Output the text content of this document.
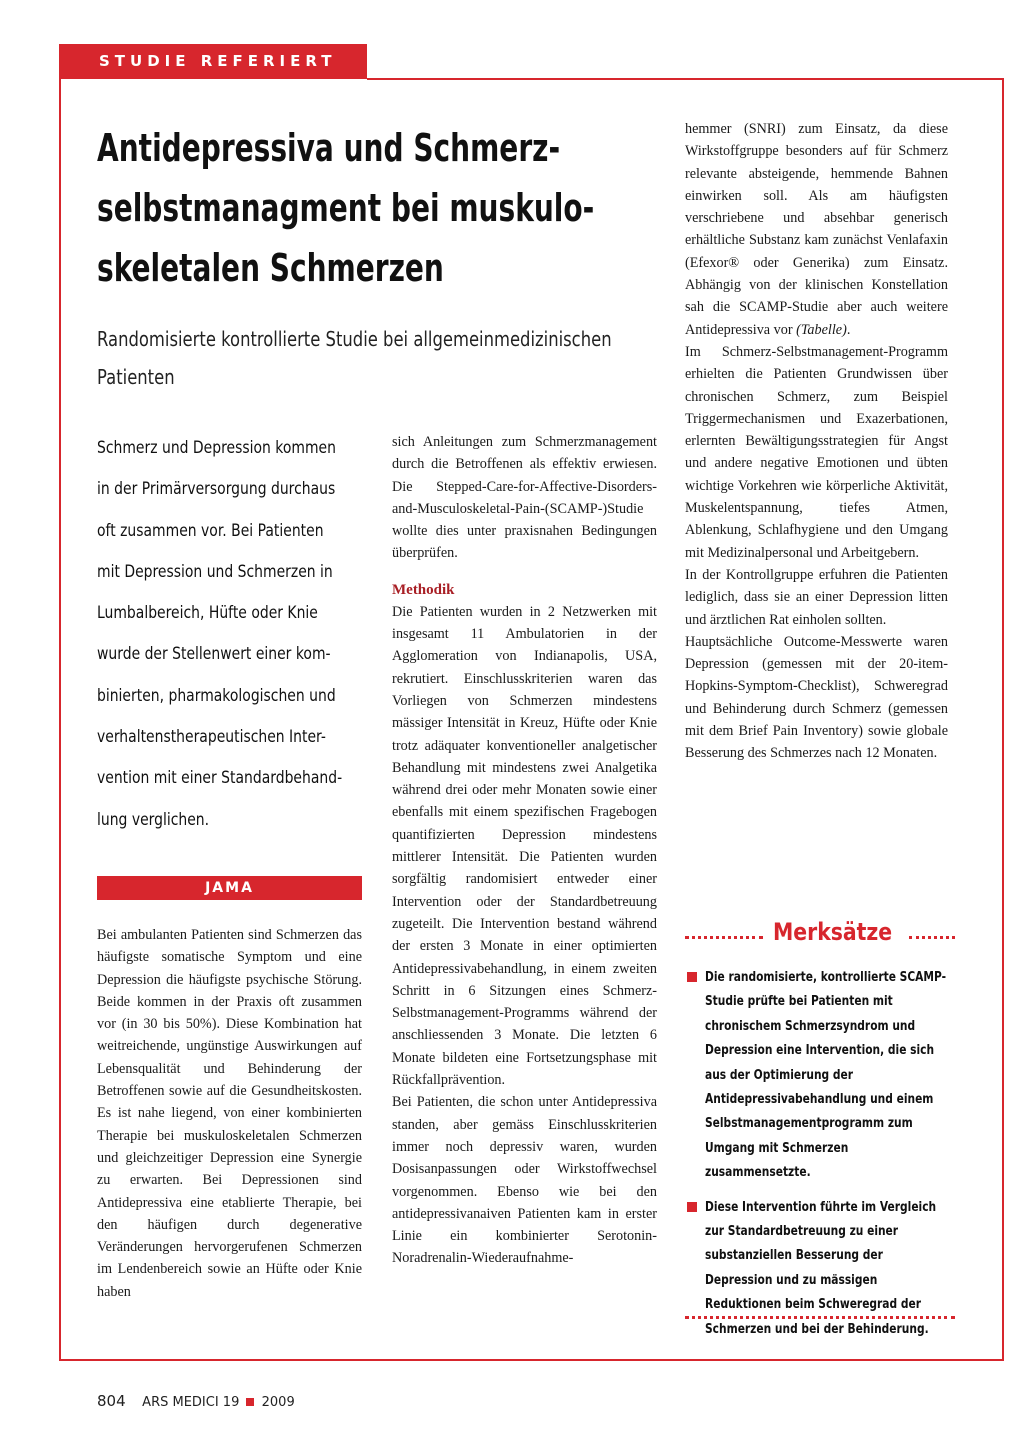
STUDIE REFERIERT
Antidepressiva und Schmerz-
selbstmanagment bei muskulo-
skeletalen Schmerzen
Randomisierte kontrollierte Studie bei allgemeinmedizinischen
Patienten
Schmerz und Depression kommen
in der Primärversorgung durchaus
oft zusammen vor. Bei Patienten
mit Depression und Schmerzen in
Lumbalbereich, Hüfte oder Knie
wurde der Stellenwert einer kom-
binierten, pharmakologischen und
verhaltenstherapeutischen Inter-
vention mit einer Standardbehand-
lung verglichen.
JAMA

Bei ambulanten Patienten sind Schmerzen das häufigste somatische Symptom und eine Depression die häufigste psychische Störung. Beide kommen in der Praxis oft zusammen vor (in 30 bis 50%). Diese Kombination hat weitreichende, ungünstige Auswirkungen auf Lebensqualität und Behinderung der Betroffenen sowie auf die Gesundheitskosten. Es ist nahe liegend, von einer kombinierten Therapie bei muskuloskeletalen Schmerzen und gleichzeitiger Depression eine Synergie zu erwarten. Bei Depressionen sind Antidepressiva eine etablierte Therapie, bei den häufigen durch degenerative Veränderungen hervorgerufenen Schmerzen im Lendenbereich sowie an Hüfte oder Knie haben

sich Anleitungen zum Schmerzmanagement durch die Betroffenen als effektiv erwiesen. Die Stepped-Care-for-Affective-Disorders-and-Musculoskeletal-Pain-(SCAMP-)Studie wollte dies unter praxisnahen Bedingungen überprüfen.

Methodik

Die Patienten wurden in 2 Netzwerken mit insgesamt 11 Ambulatorien in der Agglomeration von Indianapolis, USA, rekrutiert. Einschlusskriterien waren das Vorliegen von Schmerzen mindestens mässiger Intensität in Kreuz, Hüfte oder Knie trotz adäquater konventioneller analgetischer Behandlung mit mindestens zwei Analgetika während drei oder mehr Monaten sowie einer ebenfalls mit einem spezifischen Fragebogen quantifizierten Depression mindestens mittlerer Intensität. Die Patienten wurden sorgfältig randomisiert entweder einer Intervention oder der Standardbetreuung zugeteilt. Die Intervention bestand während der ersten 3 Monate in einer optimierten Antidepressivabehandlung, in einem zweiten Schritt in 6 Sitzungen eines Schmerz-Selbstmanagement-Programms während der anschliessenden 3 Monate. Die letzten 6 Monate bildeten eine Fortsetzungsphase mit Rückfallprävention.

Bei Patienten, die schon unter Antidepressiva standen, aber gemäss Einschlusskriterien immer noch depressiv waren, wurden Dosisanpassungen oder Wirkstoffwechsel vorgenommen. Ebenso wie bei den antidepressivanaiven Patienten kam in erster Linie ein kombinierter Serotonin-Noradrenalin-Wiederaufnahme-

hemmer (SNRI) zum Einsatz, da diese Wirkstoffgruppe besonders auf für Schmerz relevante absteigende, hemmende Bahnen einwirken soll. Als am häufigsten verschriebene und absehbar generisch erhältliche Substanz kam zunächst Venlafaxin (Efexor® oder Generika) zum Einsatz. Abhängig von der klinischen Konstellation sah die SCAMP-Studie aber auch weitere Antidepressiva vor (Tabelle).

Im Schmerz-Selbstmanagement-Programm erhielten die Patienten Grundwissen über chronischen Schmerz, zum Beispiel Triggermechanismen und Exazerbationen, erlernten Bewältigungsstrategien für Angst und andere negative Emotionen und übten wichtige Vorkehren wie körperliche Aktivität, Muskelentspannung, tiefes Atmen, Ablenkung, Schlafhygiene und den Umgang mit Medizinalpersonal und Arbeitgebern.

In der Kontrollgruppe erfuhren die Patienten lediglich, dass sie an einer Depression litten und ärztlichen Rat einholen sollten.

Hauptsächliche Outcome-Messwerte waren Depression (gemessen mit der 20-item-Hopkins-Symptom-Checklist), Schweregrad und Behinderung durch Schmerz (gemessen mit dem Brief Pain Inventory) sowie globale Besserung des Schmerzes nach 12 Monaten.

Merksätze
Die randomisierte, kontrollierte SCAMP-Studie prüfte bei Patienten mit chronischem Schmerzsyndrom und Depression eine Intervention, die sich aus der Optimierung der Antidepressivabehandlung und einem Selbstmanagementprogramm zum Umgang mit Schmerzen zusammensetzte.
Diese Intervention führte im Vergleich zur Standardbetreuung zu einer substanziellen Besserung der Depression und zu mässigen Reduktionen beim Schweregrad der Schmerzen und bei der Behinderung.
804 ARS MEDICI 19 2009
